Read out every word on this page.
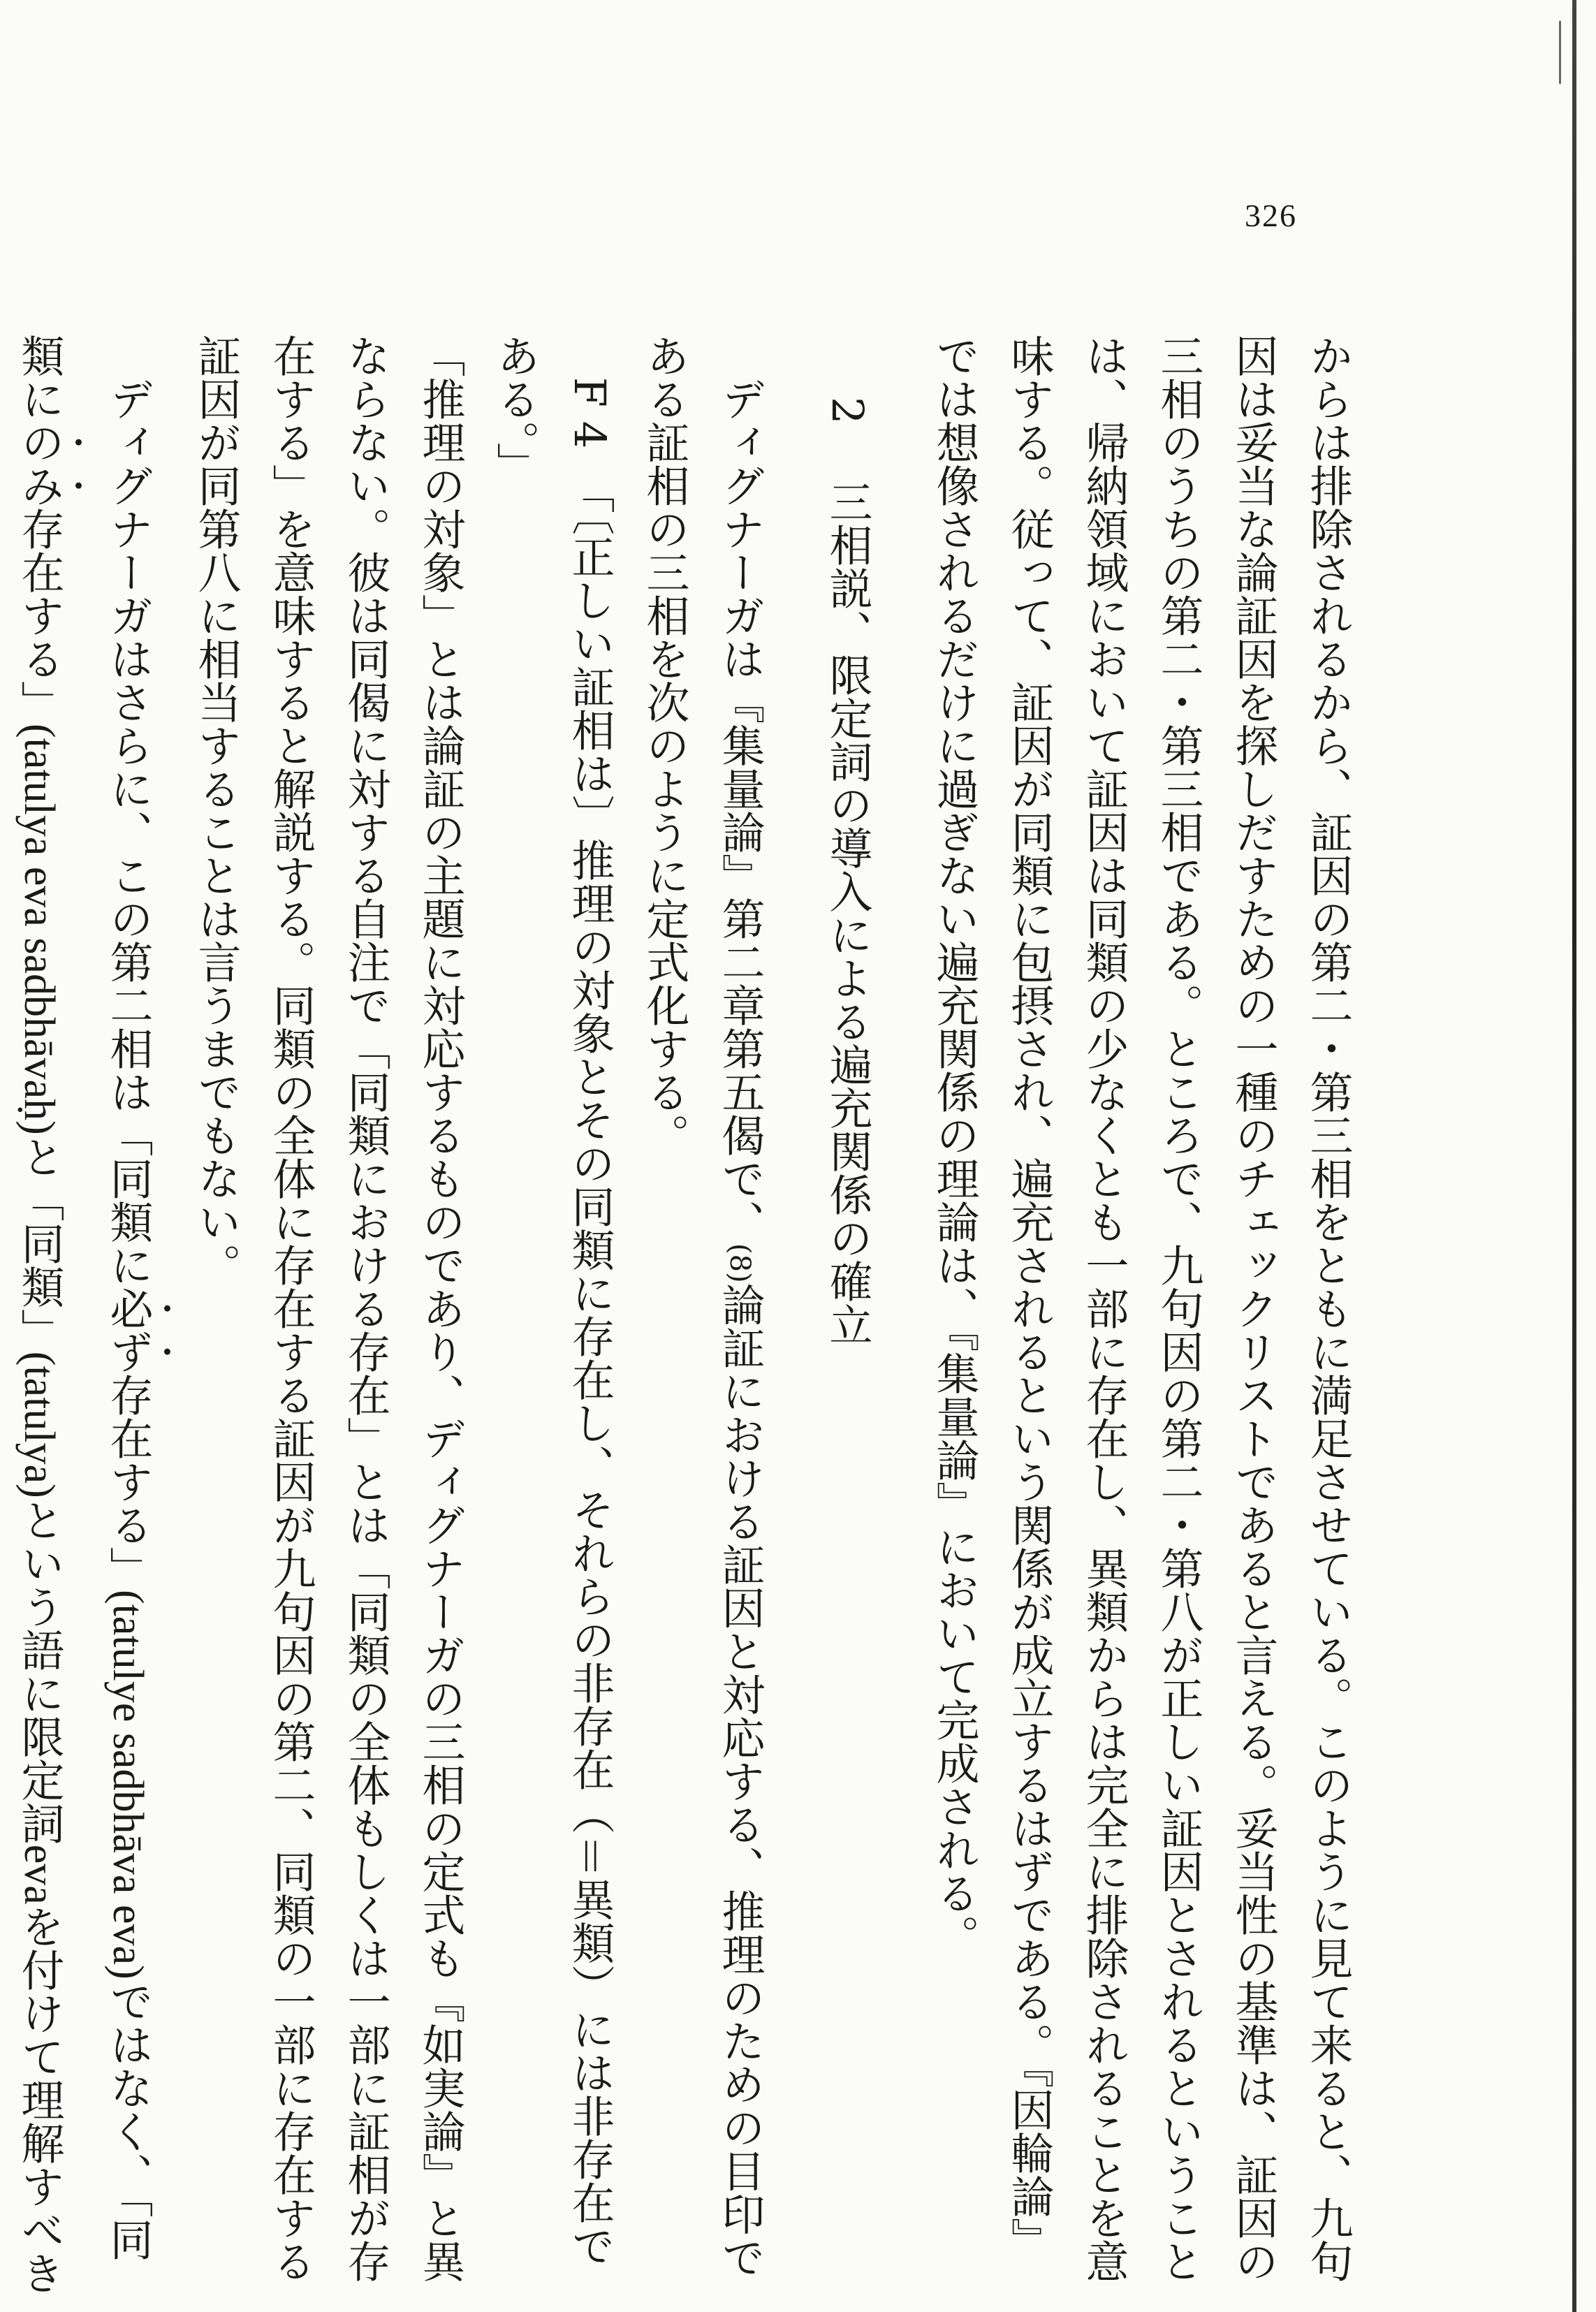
326

からは排除されるから、証因の第二・第三相をともに満足させている。このように見て来ると、九句因は妥当な論証因を探しだすための一種のチェックリストであると言える。妥当性の基準は、証因の三相のうちの第二・第三相である。ところで、九句因の第二・第八が正しい証因とされるということは、帰納領域において証因は同類の少なくとも一部に存在し、異類からは完全に排除されることを意味する。従って、証因が同類に包摂され、遍充されるという関係が成立するはずである。『因輪論』では想像されるだけに過ぎない遍充関係の理論は、『集量論』において完成される。

2 三相説、限定詞の導入による遍充関係の確立

ディグナーガは『集量論』第二章第五偈で、(8)論証における証因と対応する、推理のための目印である証相の三相を次のように定式化する。

F 4　「〔正しい証相は〕推理の対象とその同類に存在し、それらの非存在（＝異類）には非存在である。」

「推理の対象」とは論証の主題に対応するものであり、ディグナーガの三相の定式も『如実論』と異ならない。彼は同偈に対する自注で「同類における存在」とは「同類の全体もしくは一部に証相が存在する」を意味すると解説する。同類の全体に存在する証因が九句因の第二、同類の一部に存在する証因が同第八に相当することは言うまでもない。

ディグナーガはさらに、この第二相は「同類に必ず存在する」(tatulye sadbhāva eva)ではなく、「同類にのみ存在する」(tatulya eva sadbhāvaḥ)と「同類」(tatulya)という語に限定詞evaを付けて理解すべき
